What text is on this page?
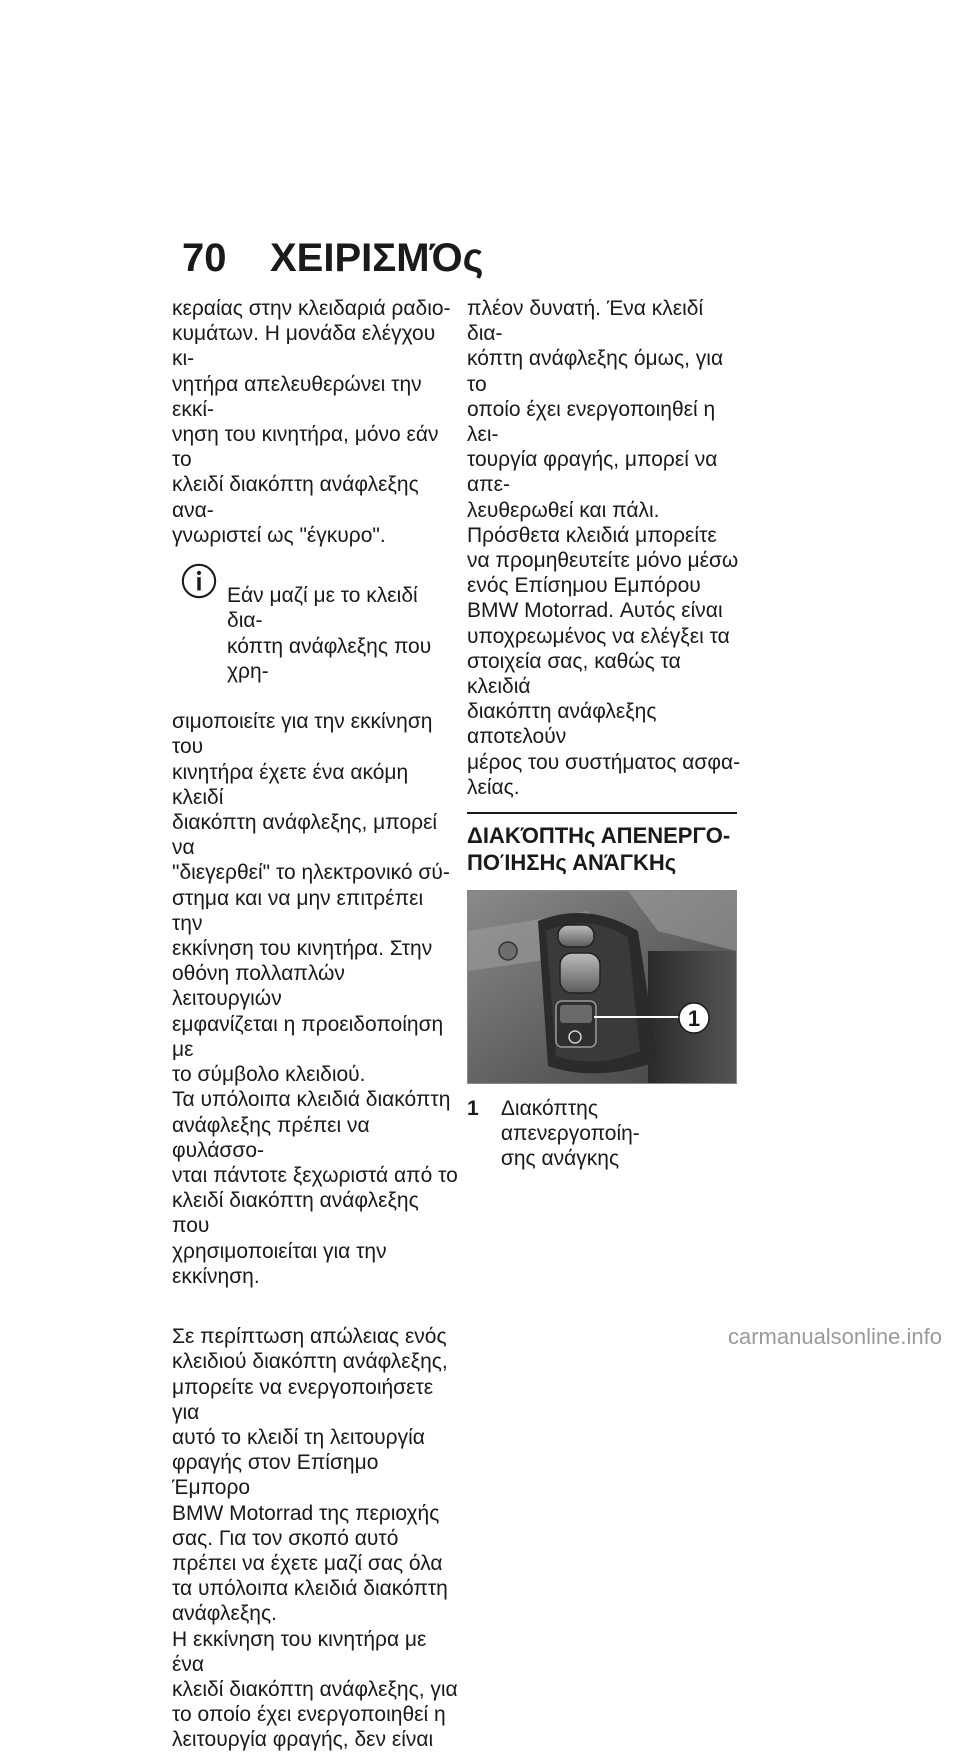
70	ΧΕΙΡΙΣΜΌς

κεραίας στην κλειδαριά ραδιο-
κυμάτων. Η μονάδα ελέγχου κι-
νητήρα απελευθερώνει την εκκί-
νηση του κινητήρα, μόνο εάν το
κλειδί διακόπτη ανάφλεξης ανα-
γνωριστεί ως "έγκυρο".

Εάν μαζί με το κλειδί δια-
κόπτη ανάφλεξης που χρη-

σιμοποιείτε για την εκκίνηση του
κινητήρα έχετε ένα ακόμη κλειδί
διακόπτη ανάφλεξης, μπορεί να
"διεγερθεί" το ηλεκτρονικό σύ-
στημα και να μην επιτρέπει την
εκκίνηση του κινητήρα. Στην
οθόνη πολλαπλών λειτουργιών
εμφανίζεται η προειδοποίηση με
το σύμβολο κλειδιού.
Τα υπόλοιπα κλειδιά διακόπτη
ανάφλεξης πρέπει να φυλάσσο-
νται πάντοτε ξεχωριστά από το
κλειδί διακόπτη ανάφλεξης που
χρησιμοποιείται για την εκκίνηση.

Σε περίπτωση απώλειας ενός
κλειδιού διακόπτη ανάφλεξης,
μπορείτε να ενεργοποιήσετε για
αυτό το κλειδί τη λειτουργία
φραγής στον Επίσημο Έμπορο
BMW Motorrad της περιοχής
σας. Για τον σκοπό αυτό
πρέπει να έχετε μαζί σας όλα
τα υπόλοιπα κλειδιά διακόπτη
ανάφλεξης.
Η εκκίνηση του κινητήρα με ένα
κλειδί διακόπτη ανάφλεξης, για
το οποίο έχει ενεργοποιηθεί η
λειτουργία φραγής, δεν είναι

πλέον δυνατή. Ένα κλειδί δια-
κόπτη ανάφλεξης όμως, για το
οποίο έχει ενεργοποιηθεί η λει-
τουργία φραγής, μπορεί να απε-
λευθερωθεί και πάλι.
Πρόσθετα κλειδιά μπορείτε
να προμηθευτείτε μόνο μέσω
ενός Επίσημου Εμπόρου
BMW Motorrad. Αυτός είναι
υποχρεωμένος να ελέγξει τα
στοιχεία σας, καθώς τα κλειδιά
διακόπτη ανάφλεξης αποτελούν
μέρος του συστήματος ασφα-
λείας.

ΔΙΑΚΌΠΤΗς ΑΠΕΝΕΡΓΟ-
ΠΟΊΗΣΗς ΑΝΆΓΚΗς
1
1	Διακόπτης απενεργοποίη-
σης ανάγκης
carmanualsonline.info
